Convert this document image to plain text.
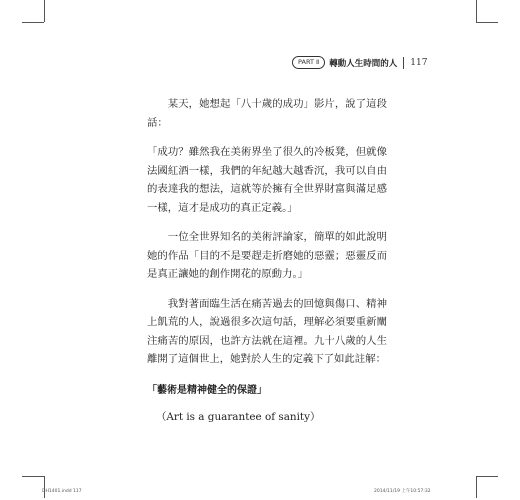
PART Ⅱ	轉動人生時間的人 117

某天，她想起「八十歲的成功」影片，說了這段話：

「成功？雖然我在美術界坐了很久的冷板凳，但就像法國紅酒一樣，我們的年紀越大越香沉，我可以自由的表達我的想法，這就等於擁有全世界財富與滿足感一樣，這才是成功的真正定義。」

一位全世界知名的美術評論家，簡單的如此說明她的作品「目的不是要趕走折磨她的惡靈；惡靈反而是真正讓她的創作開花的原動力。」

我對著面臨生活在痛苦過去的回憶與傷口、精神上飢荒的人，說過很多次這句話，理解必須要重新闡注痛苦的原因，也許方法就在這裡。九十八歲的人生離開了這個世上，她對於人生的定義下了如此註解：

「藝術是精神健全的保證」

（Art is a guarantee of sanity）

DH1401.indd 117	2014/11/19 上午10:57:32
